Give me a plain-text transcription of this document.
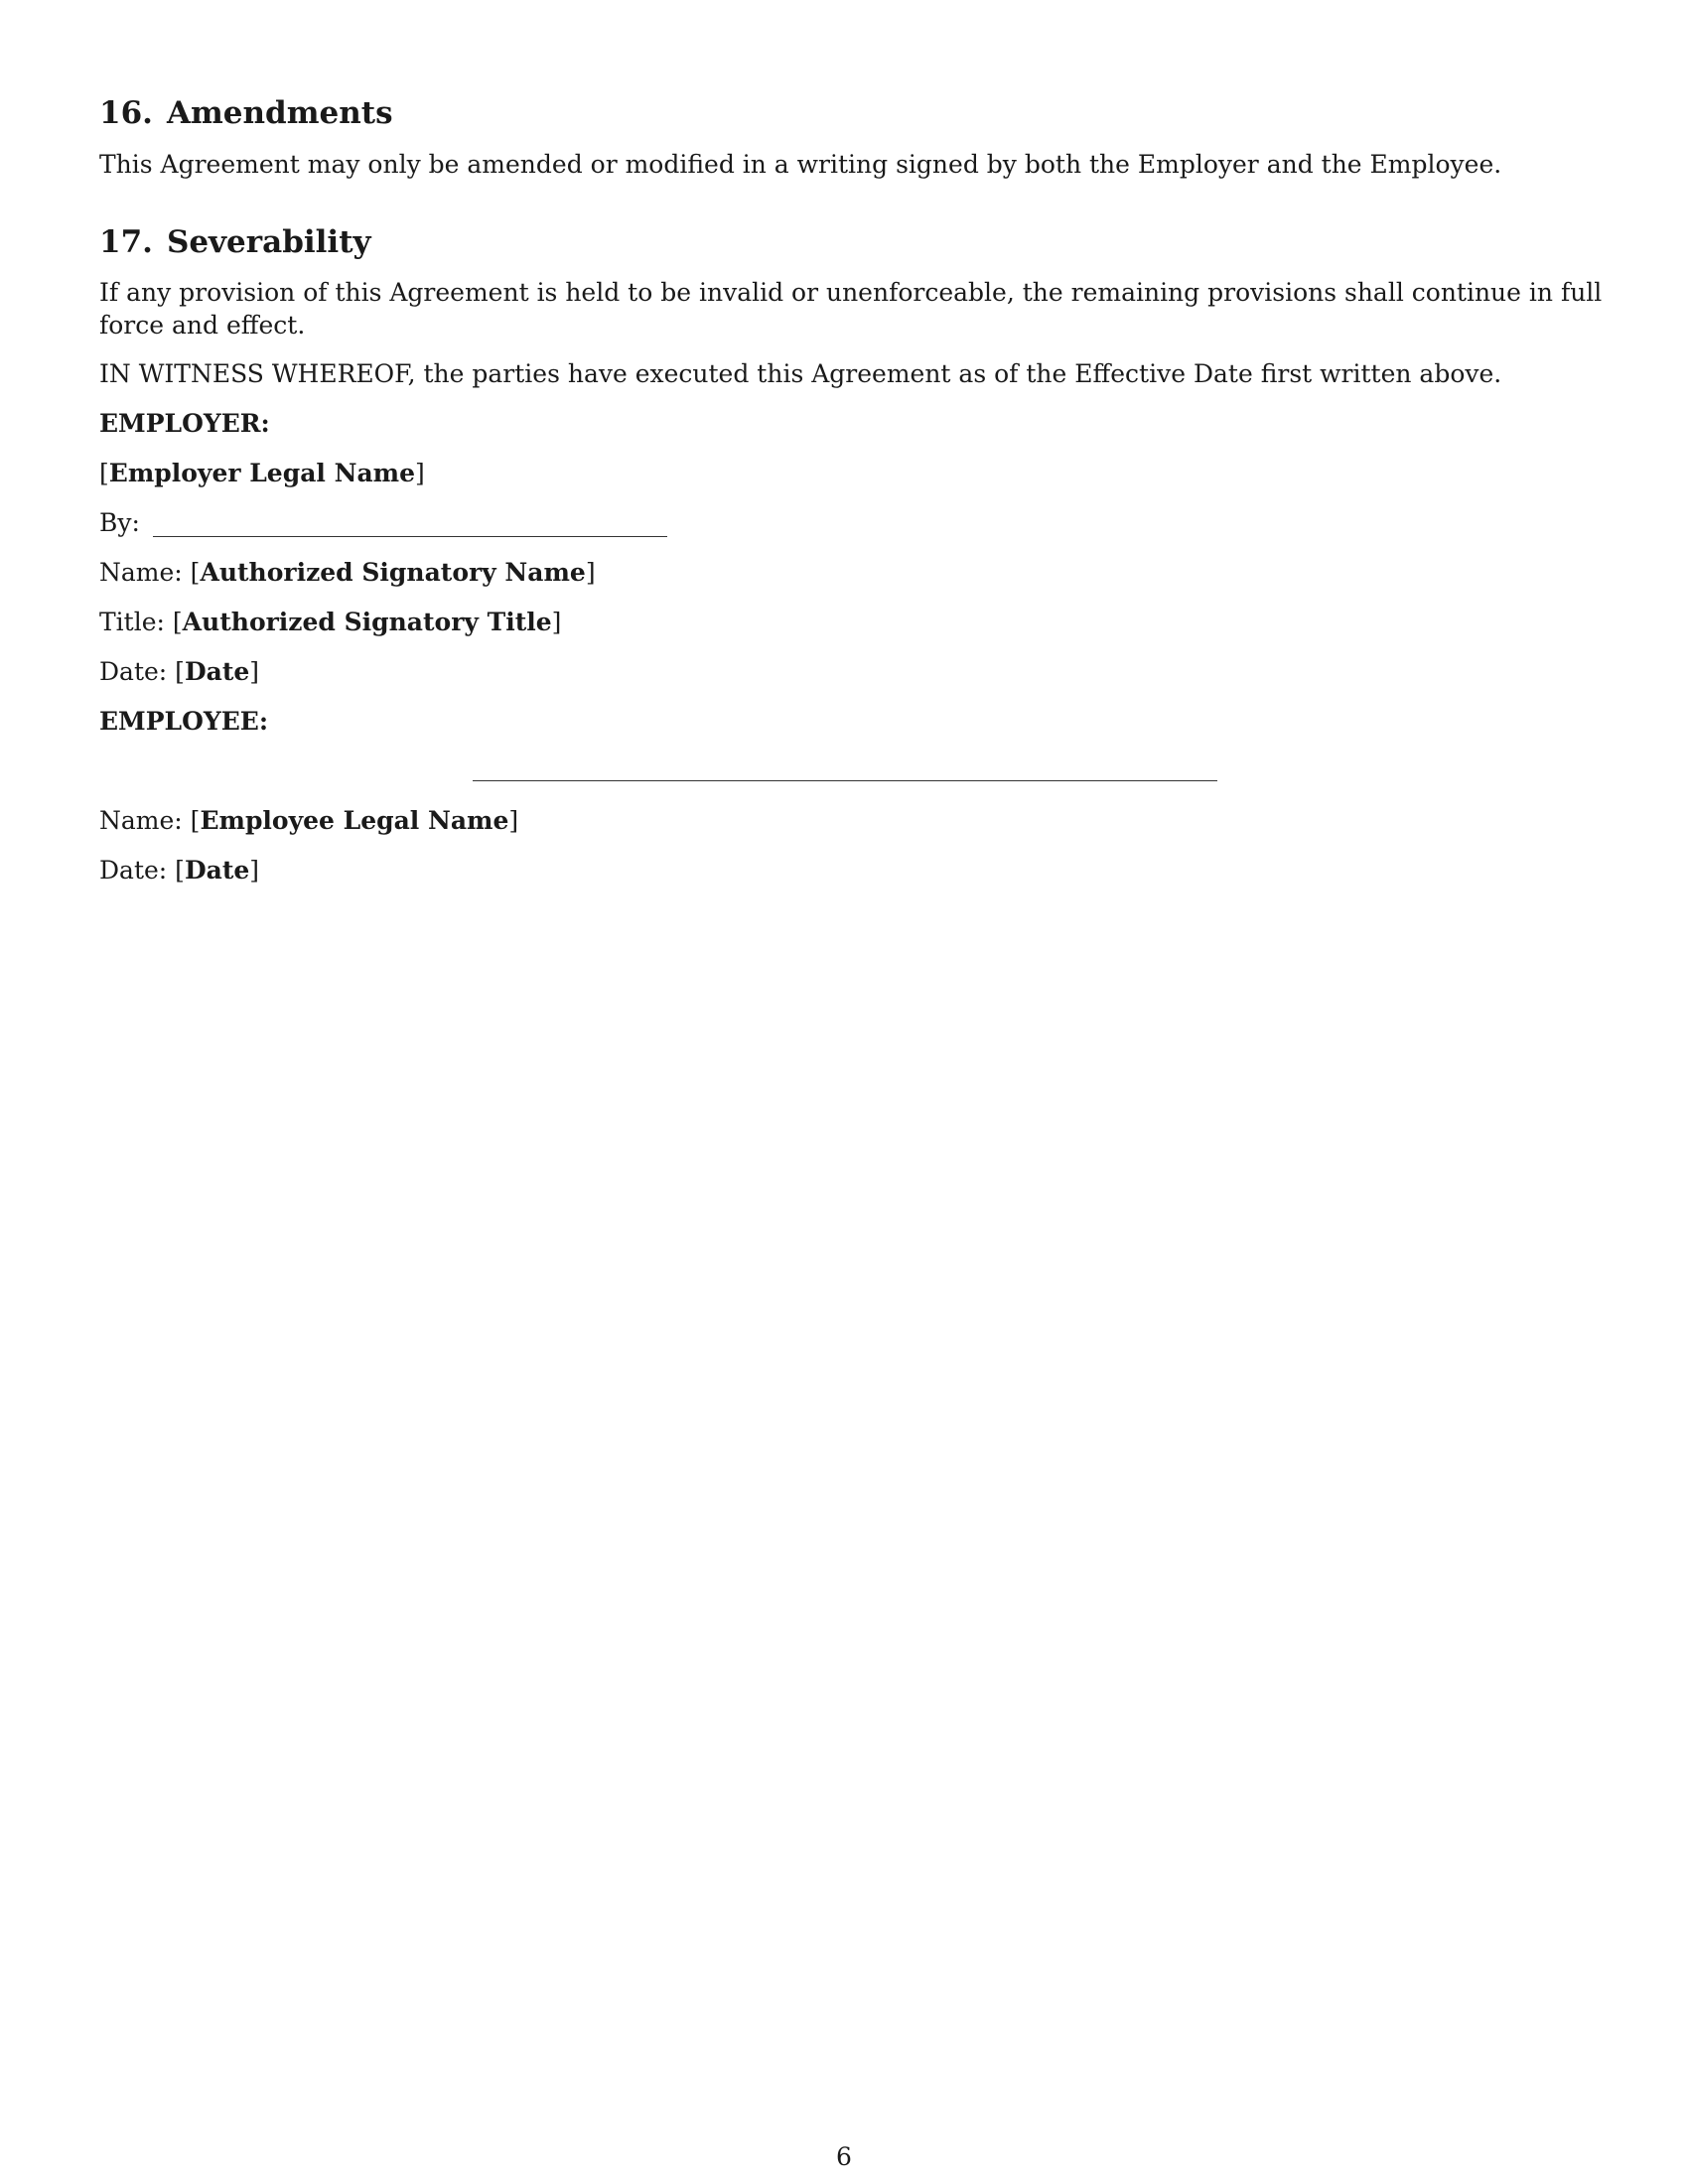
16. Amendments

This Agreement may only be amended or modified in a writing signed by both the Employer and the Employee.

17. Severability

If any provision of this Agreement is held to be invalid or unenforceable, the remaining provisions shall continue in full force and effect.

IN WITNESS WHEREOF, the parties have executed this Agreement as of the Effective Date first written above.

EMPLOYER:
[Employer Legal Name]
By:
Name: [Authorized Signatory Name]
Title: [Authorized Signatory Title]
Date: [Date]
EMPLOYEE:
Name: [Employee Legal Name]
Date: [Date]
6
